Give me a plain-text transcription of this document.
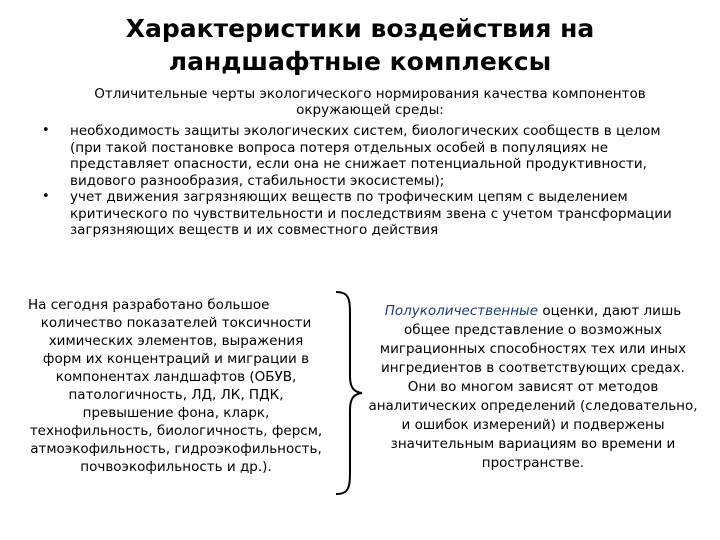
Характеристики воздействия на
ландшафтные комплексы
Отличительные черты экологического нормирования качества компонентов окружающей среды:
• необходимость защиты экологических систем, биологических сообществ в целом (при такой постановке вопроса потеря отдельных особей в популяциях не представляет опасности, если она не снижает потенциальной продуктивности, видового разнообразия, стабильности экосистемы);
• учет движения загрязняющих веществ по трофическим цепям с выделением критического по чувствительности и последствиям звена с учетом трансформации загрязняющих веществ и их совместного действия
На сегодня разработано большое
количество показателей токсичности химических элементов, выражения форм их концентраций и миграции в компонентах ландшафтов (ОБУВ, патологичность, ЛД, ЛК, ПДК, превышение фона, кларк, технофильность, биологичность, ферсм, атмоэкофильность, гидроэкофильность, почвоэкофильность и др.).
Полуколичественные оценки, дают лишь общее представление о возможных миграционных способностях тех или иных ингредиентов в соответствующих средах. Они во многом зависят от методов аналитических определений (следовательно, и ошибок измерений) и подвержены значительным вариациям во времени и пространстве.
